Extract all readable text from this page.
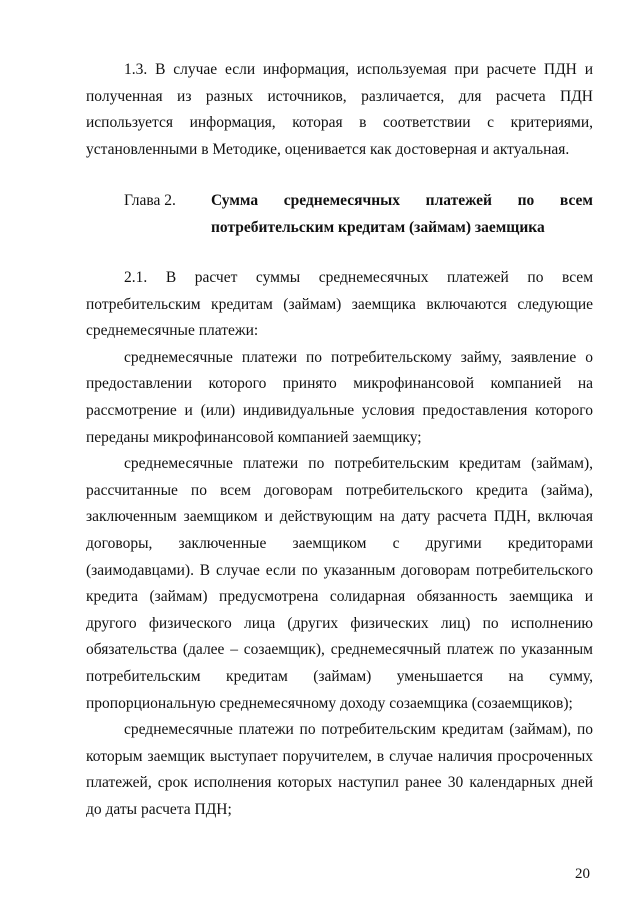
1.3. В случае если информация, используемая при расчете ПДН и полученная из разных источников, различается, для расчета ПДН используется информация, которая в соответствии с критериями, установленными в Методике, оценивается как достоверная и актуальная.

Глава 2. Сумма среднемесячных платежей по всем потребительским кредитам (займам) заемщика

2.1. В расчет суммы среднемесячных платежей по всем потребительским кредитам (займам) заемщика включаются следующие среднемесячные платежи:

среднемесячные платежи по потребительскому займу, заявление о предоставлении которого принято микрофинансовой компанией на рассмотрение и (или) индивидуальные условия предоставления которого переданы микрофинансовой компанией заемщику;

среднемесячные платежи по потребительским кредитам (займам), рассчитанные по всем договорам потребительского кредита (займа), заключенным заемщиком и действующим на дату расчета ПДН, включая договоры, заключенные заемщиком с другими кредиторами (заимодавцами). В случае если по указанным договорам потребительского кредита (займам) предусмотрена солидарная обязанность заемщика и другого физического лица (других физических лиц) по исполнению обязательства (далее – созаемщик), среднемесячный платеж по указанным потребительским кредитам (займам) уменьшается на сумму, пропорциональную среднемесячному доходу созаемщика (созаемщиков);

среднемесячные платежи по потребительским кредитам (займам), по которым заемщик выступает поручителем, в случае наличия просроченных платежей, срок исполнения которых наступил ранее 30 календарных дней до даты расчета ПДН;

20
